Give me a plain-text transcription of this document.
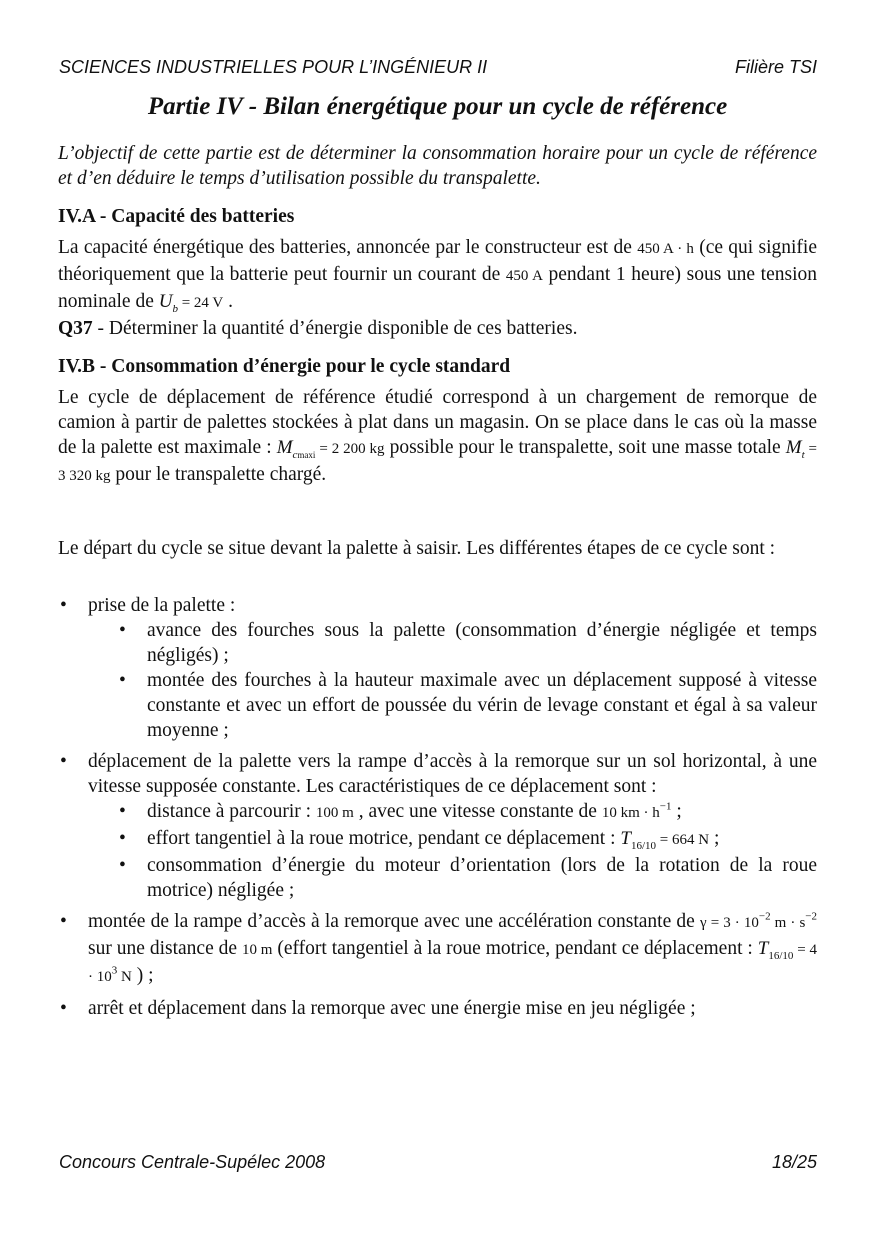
SCIENCES INDUSTRIELLES POUR L’INGÉNIEUR II	Filière TSI
Partie IV - Bilan énergétique pour un cycle de référence
L’objectif de cette partie est de déterminer la consommation horaire pour un cycle de référence et d’en déduire le temps d’utilisation possible du transpalette.
IV.A - Capacité des batteries
La capacité énergétique des batteries, annoncée par le constructeur est de 450 A · h (ce qui signifie théoriquement que la batterie peut fournir un courant de 450 A pendant 1 heure) sous une tension nominale de $U_b = 24$ V .
Q37 - Déterminer la quantité d’énergie disponible de ces batteries.
IV.B - Consommation d’énergie pour le cycle standard
Le cycle de déplacement de référence étudié correspond à un chargement de remorque de camion à partir de palettes stockées à plat dans un magasin. On se place dans le cas où la masse de la palette est maximale : $M_{cmaxi} = 2$ 200 kg possible pour le transpalette, soit une masse totale $M_t = 3$ 320 kg pour le transpalette chargé.
Le départ du cycle se situe devant la palette à saisir. Les différentes étapes de ce cycle sont :
• prise de la palette :
• avance des fourches sous la palette (consommation d’énergie négligée et temps négligés) ;
• montée des fourches à la hauteur maximale avec un déplacement supposé à vitesse constante et avec un effort de poussée du vérin de levage constant et égal à sa valeur moyenne ;
• déplacement de la palette vers la rampe d’accès à la remorque sur un sol horizontal, à une vitesse supposée constante. Les caractéristiques de ce déplacement sont :
• distance à parcourir : 100 m , avec une vitesse constante de 10 km · $h^{-1}$ ;
• effort tangentiel à la roue motrice, pendant ce déplacement : $T_{16/10} = 664$ N ;
• consommation d’énergie du moteur d’orientation (lors de la rotation de la roue motrice) négligée ;
• montée de la rampe d’accès à la remorque avec une accélération constante de $\gamma = 3 \cdot 10^{-2}$ $m \cdot s^{-2}$ sur une distance de 10 m (effort tangentiel à la roue motrice, pendant ce déplacement : $T_{16/10} = 4 \cdot 10^3$ N ) ;
• arrêt et déplacement dans la remorque avec une énergie mise en jeu négligée ;
Concours Centrale-Supélec 2008	18/25
